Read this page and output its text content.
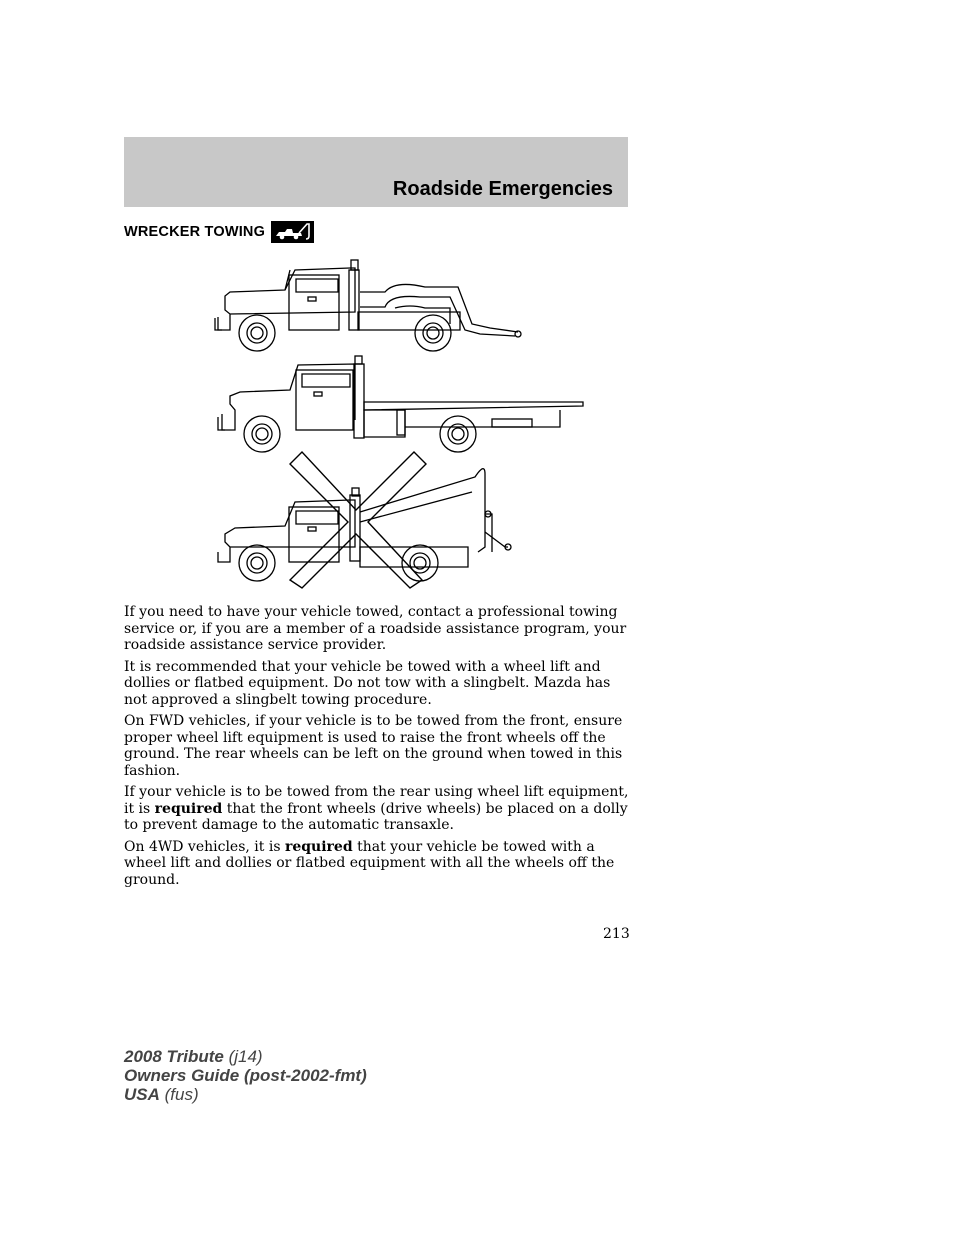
Roadside Emergencies
WRECKER TOWING

If you need to have your vehicle towed, contact a professional towing service or, if you are a member of a roadside assistance program, your roadside assistance service provider.

It is recommended that your vehicle be towed with a wheel lift and dollies or flatbed equipment. Do not tow with a slingbelt. Mazda has not approved a slingbelt towing procedure.

On FWD vehicles, if your vehicle is to be towed from the front, ensure proper wheel lift equipment is used to raise the front wheels off the ground. The rear wheels can be left on the ground when towed in this fashion.

If your vehicle is to be towed from the rear using wheel lift equipment, it is required that the front wheels (drive wheels) be placed on a dolly to prevent damage to the automatic transaxle.

On 4WD vehicles, it is required that your vehicle be towed with a wheel lift and dollies or flatbed equipment with all the wheels off the ground.

213
2008 Tribute (j14)
Owners Guide (post-2002-fmt)
USA (fus)
